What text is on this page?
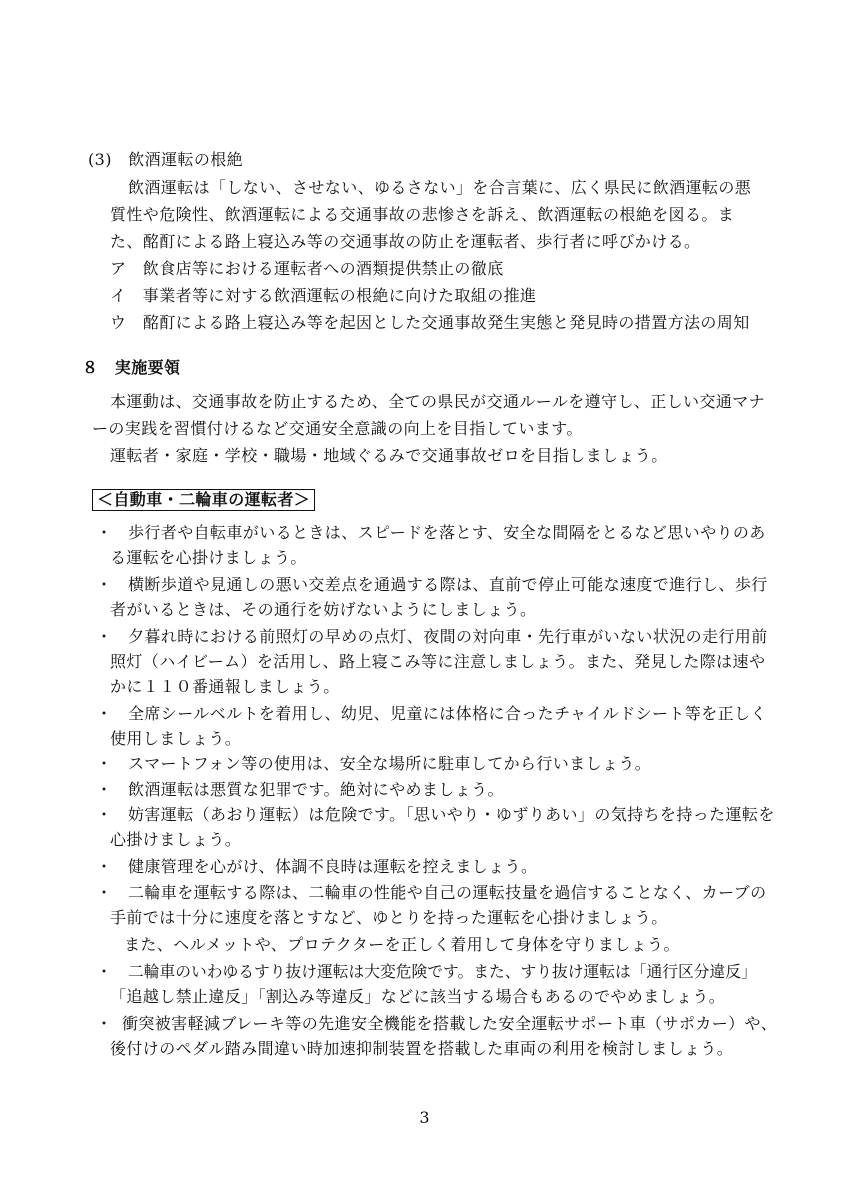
(3)　飲酒運転の根絶

飲酒運転は「しない、させない、ゆるさない」を合言葉に、広く県民に飲酒運転の悪

質性や危険性、飲酒運転による交通事故の悲惨さを訴え、飲酒運転の根絶を図る。ま

た、酩酊による路上寝込み等の交通事故の防止を運転者、歩行者に呼びかける。

ア　飲食店等における運転者への酒類提供禁止の徹底

イ　事業者等に対する飲酒運転の根絶に向けた取組の推進

ウ　酩酊による路上寝込み等を起因とした交通事故発生実態と発見時の措置方法の周知

８　実施要領

本運動は、交通事故を防止するため、全ての県民が交通ルールを遵守し、正しい交通マナ

ーの実践を習慣付けるなど交通安全意識の向上を目指しています。

運転者・家庭・学校・職場・地域ぐるみで交通事故ゼロを目指しましょう。

＜自動車・二輪車の運転者＞

・
・
・
・
・
・
・
・
・
・
・

歩行者や自転車がいるときは、スピードを落とす、安全な間隔をとるなど思いやりのあ

る運転を心掛けましょう。

横断歩道や見通しの悪い交差点を通過する際は、直前で停止可能な速度で進行し、歩行

者がいるときは、その通行を妨げないようにしましょう。

夕暮れ時における前照灯の早めの点灯、夜間の対向車・先行車がいない状況の走行用前

照灯（ハイビーム）を活用し、路上寝こみ等に注意しましょう。また、発見した際は速や

かに１１０番通報しましょう。

全席シールベルトを着用し、幼児、児童には体格に合ったチャイルドシート等を正しく

使用しましょう。

スマートフォン等の使用は、安全な場所に駐車してから行いましょう。

飲酒運転は悪質な犯罪です。絶対にやめましょう。

妨害運転（あおり運転）は危険です。「思いやり・ゆずりあい」の気持ちを持った運転を

心掛けましょう。

健康管理を心がけ、体調不良時は運転を控えましょう。

二輪車を運転する際は、二輪車の性能や自己の運転技量を過信することなく、カーブの

手前では十分に速度を落とすなど、ゆとりを持った運転を心掛けましょう。

また、ヘルメットや、プロテクターを正しく着用して身体を守りましょう。

二輪車のいわゆるすり抜け運転は大変危険です。また、すり抜け運転は「通行区分違反」

「追越し禁止違反」「割込み等違反」などに該当する場合もあるのでやめましょう。

衝突被害軽減ブレーキ等の先進安全機能を搭載した安全運転サポート車（サポカー）や、

後付けのペダル踏み間違い時加速抑制装置を搭載した車両の利用を検討しましょう。

3
